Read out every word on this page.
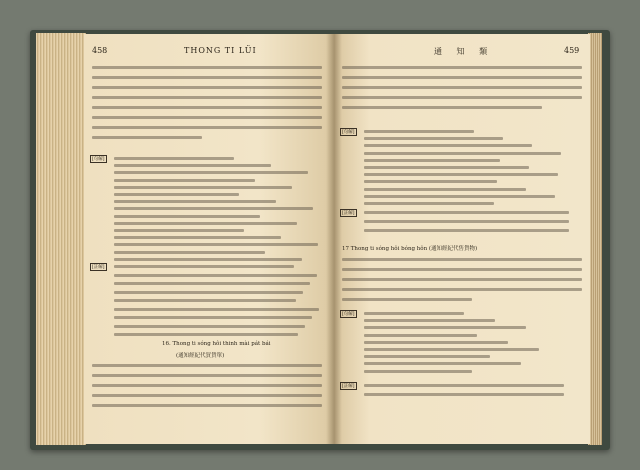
458	THONG TI LÜI
[句解]
[註解]
16. Thong ti sóng hôi thinh mài pát bái
(通知經紀代買貨單)
通 知 類	459
[句解]
[註解]
[句解]
[註解]
17 Thong ti sóng hôi bóng hôn (通知經紀代售貨物)
